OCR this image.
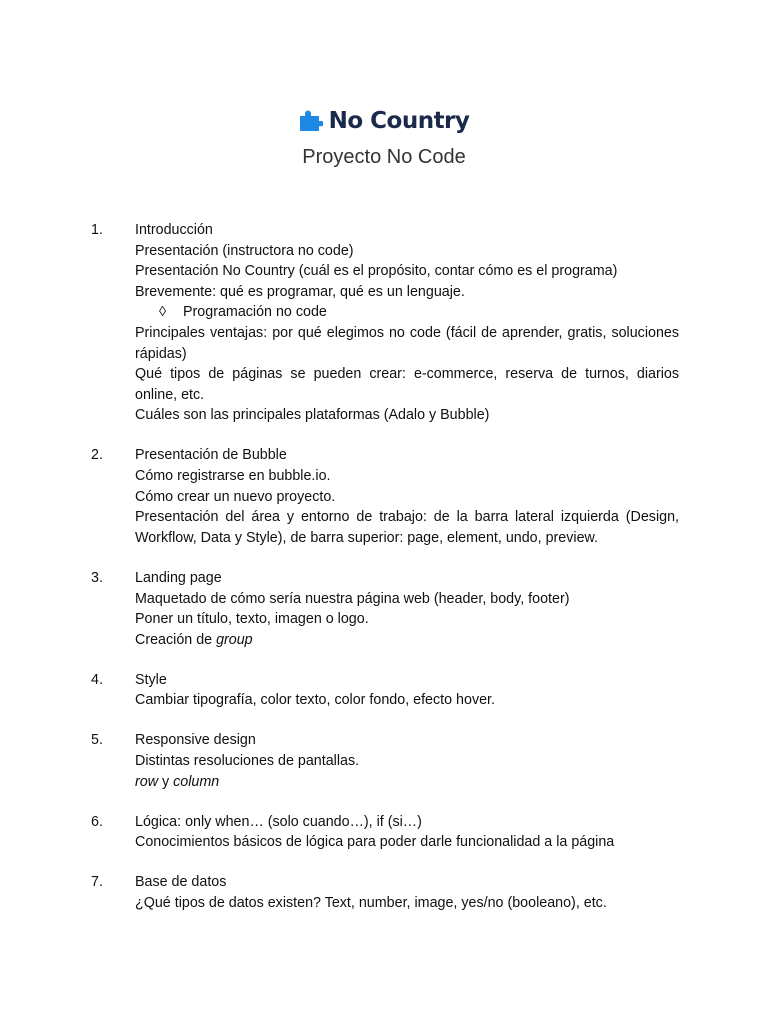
No Country
Proyecto No Code
1. Introducción
Presentación (instructora no code)
Presentación No Country (cuál es el propósito, contar cómo es el programa)
Brevemente: qué es programar, qué es un lenguaje.
◊ Programación no code
Principales ventajas: por qué elegimos no code (fácil de aprender, gratis, soluciones rápidas)
Qué tipos de páginas se pueden crear: e-commerce, reserva de turnos, diarios online, etc.
Cuáles son las principales plataformas (Adalo y Bubble)
2. Presentación de Bubble
Cómo registrarse en bubble.io.
Cómo crear un nuevo proyecto.
Presentación del área y entorno de trabajo: de la barra lateral izquierda (Design, Workflow, Data y Style), de barra superior: page, element, undo, preview.
3. Landing page
Maquetado de cómo sería nuestra página web (header, body, footer)
Poner un título, texto, imagen o logo.
Creación de group
4. Style
Cambiar tipografía, color texto, color fondo, efecto hover.
5. Responsive design
Distintas resoluciones de pantallas.
row y column
6. Lógica: only when… (solo cuando…), if (si…)
Conocimientos básicos de lógica para poder darle funcionalidad a la página
7. Base de datos
¿Qué tipos de datos existen? Text, number, image, yes/no (booleano), etc.
